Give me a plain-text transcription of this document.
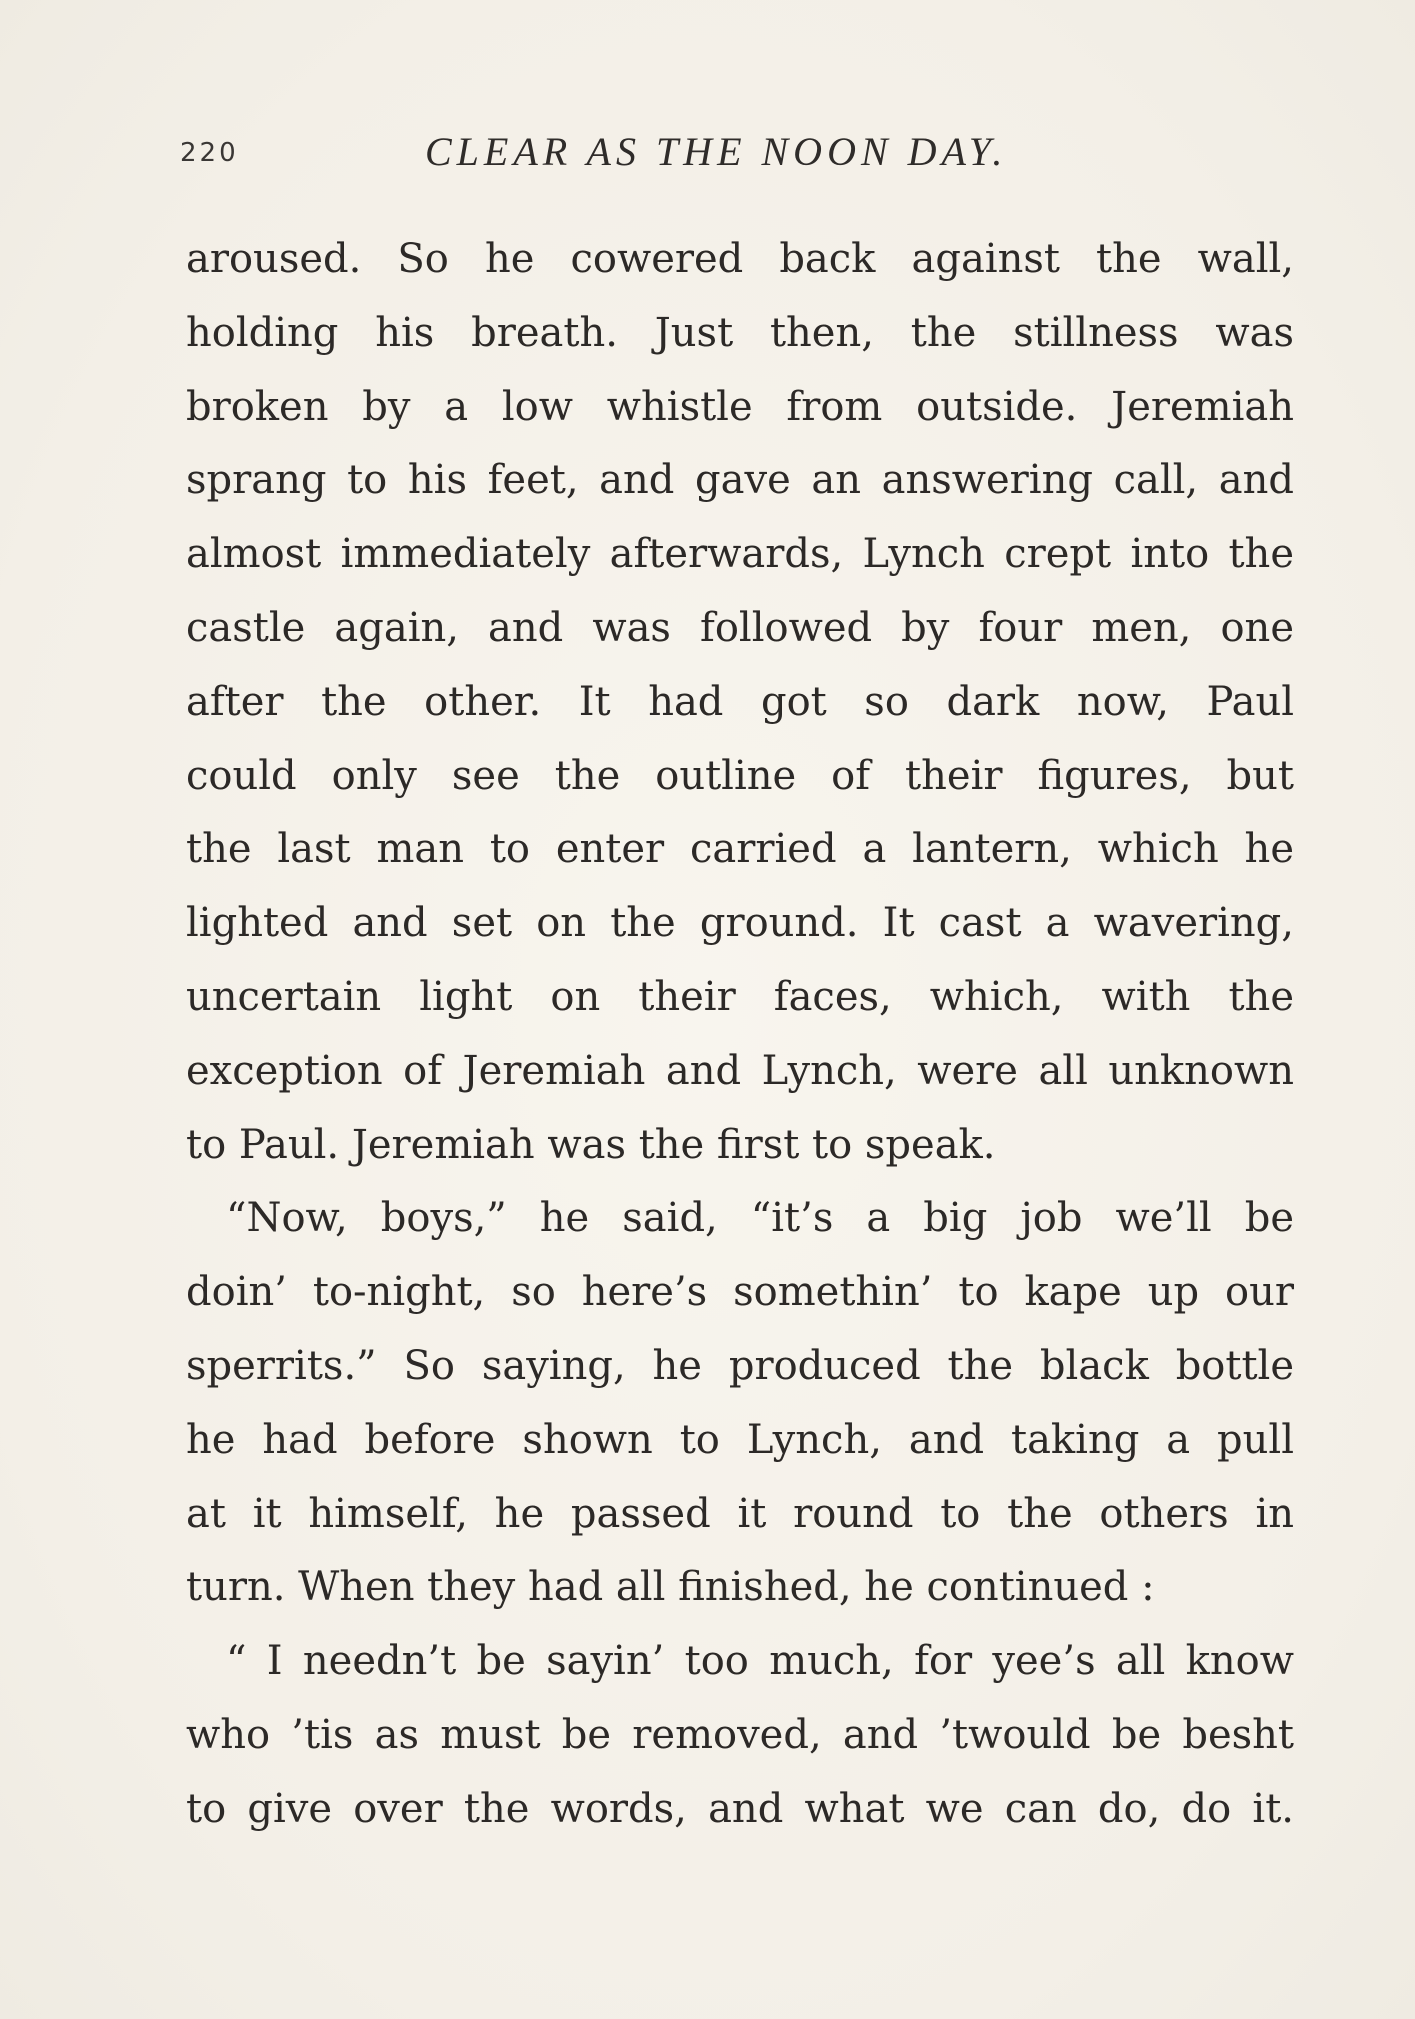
220	CLEAR AS THE NOON DAY.
aroused. So he cowered back against the wall,
holding his breath. Just then, the stillness was
broken by a low whistle from outside. Jeremiah
sprang to his feet, and gave an answering call, and
almost immediately afterwards, Lynch crept into the
castle again, and was followed by four men, one
after the other. It had got so dark now, Paul
could only see the outline of their figures, but
the last man to enter carried a lantern, which he
lighted and set on the ground. It cast a wavering,
uncertain light on their faces, which, with the
exception of Jeremiah and Lynch, were all unknown
to Paul. Jeremiah was the first to speak.
“Now, boys,” he said, “it’s a big job we’ll be
doin’ to-night, so here’s somethin’ to kape up our
sperrits.” So saying, he produced the black bottle
he had before shown to Lynch, and taking a pull
at it himself, he passed it round to the others in
turn. When they had all finished, he continued :
“ I needn’t be sayin’ too much, for yee’s all know
who ’tis as must be removed, and ’twould be besht
to give over the words, and what we can do, do it.
